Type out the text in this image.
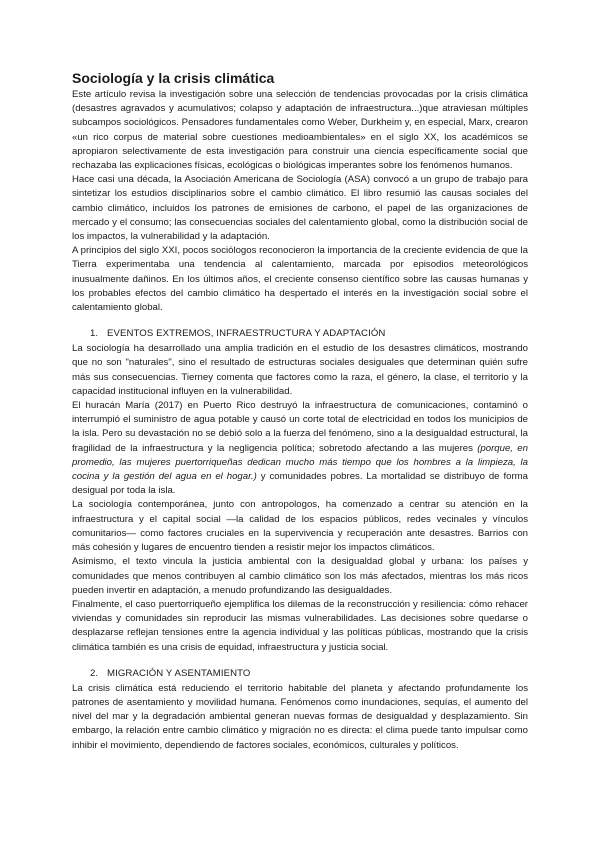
Sociología y la crisis climática

Este artículo revisa la investigación sobre una selección de tendencias provocadas por la crisis climática (desastres agravados y acumulativos; colapso y adaptación de infraestructura...)que atraviesan múltiples subcampos sociológicos. Pensadores fundamentales como Weber, Durkheim y, en especial, Marx, crearon «un rico corpus de material sobre cuestiones medioambientales» en el siglo XX, los académicos se apropiaron selectivamente de esta investigación para construir una ciencia específicamente social que rechazaba las explicaciones físicas, ecológicas o biológicas imperantes sobre los fenómenos humanos.

Hace casi una década, la Asociación Americana de Sociología (ASA) convocó a un grupo de trabajo para sintetizar los estudios disciplinarios sobre el cambio climático. El libro resumió las causas sociales del cambio climático, incluidos los patrones de emisiones de carbono, el papel de las organizaciones de mercado y el consumo; las consecuencias sociales del calentamiento global, como la distribución social de los impactos, la vulnerabilidad y la adaptación.

A principios del siglo XXI, pocos sociólogos reconocieron la importancia de la creciente evidencia de que la Tierra experimentaba una tendencia al calentamiento, marcada por episodios meteorológicos inusualmente dañinos. En los últimos años, el creciente consenso científico sobre las causas humanas y los probables efectos del cambio climático ha despertado el interés en la investigación social sobre el calentamiento global.

1. EVENTOS EXTREMOS, INFRAESTRUCTURA Y ADAPTACIÓN

La sociología ha desarrollado una amplia tradición en el estudio de los desastres climáticos, mostrando que no son "naturales", sino el resultado de estructuras sociales desiguales que determinan quién sufre más sus consecuencias. Tierney comenta que factores como la raza, el género, la clase, el territorio y la capacidad institucional influyen en la vulnerabilidad.

El huracán María (2017) en Puerto Rico destruyó la infraestructura de comunicaciones, contaminó o interrumpió el suministro de agua potable y causó un corte total de electricidad en todos los municipios de la isla. Pero su devastación no se debió solo a la fuerza del fenómeno, sino a la desigualdad estructural, la fragilidad de la infraestructura y la negligencia política; sobretodo afectando a las mujeres (porque, en promedio, las mujeres puertorriqueñas dedican mucho más tiempo que los hombres a la limpieza, la cocina y la gestión del agua en el hogar.) y comunidades pobres. La mortalidad se distribuyo de forma desigual por toda la isla.

La sociología contemporánea, junto con antropologos, ha comenzado a centrar su atención en la infraestructura y el capital social —la calidad de los espacios públicos, redes vecinales y vínculos comunitarios— como factores cruciales en la supervivencia y recuperación ante desastres. Barrios con más cohesión y lugares de encuentro tienden a resistir mejor los impactos climáticos.

Asimismo, el texto vincula la justicia ambiental con la desigualdad global y urbana: los países y comunidades que menos contribuyen al cambio climático son los más afectados, mientras los más ricos pueden invertir en adaptación, a menudo profundizando las desigualdades.

Finalmente, el caso puertorriqueño ejemplifica los dilemas de la reconstrucción y resiliencia: cómo rehacer viviendas y comunidades sin reproducir las mismas vulnerabilidades. Las decisiones sobre quedarse o desplazarse reflejan tensiones entre la agencia individual y las políticas públicas, mostrando que la crisis climática también es una crisis de equidad, infraestructura y justicia social.

2. MIGRACIÓN Y ASENTAMIENTO

La crisis climática está reduciendo el territorio habitable del planeta y afectando profundamente los patrones de asentamiento y movilidad humana. Fenómenos como inundaciones, sequías, el aumento del nivel del mar y la degradación ambiental generan nuevas formas de desigualdad y desplazamiento. Sin embargo, la relación entre cambio climático y migración no es directa: el clima puede tanto impulsar como inhibir el movimiento, dependiendo de factores sociales, económicos, culturales y políticos.
